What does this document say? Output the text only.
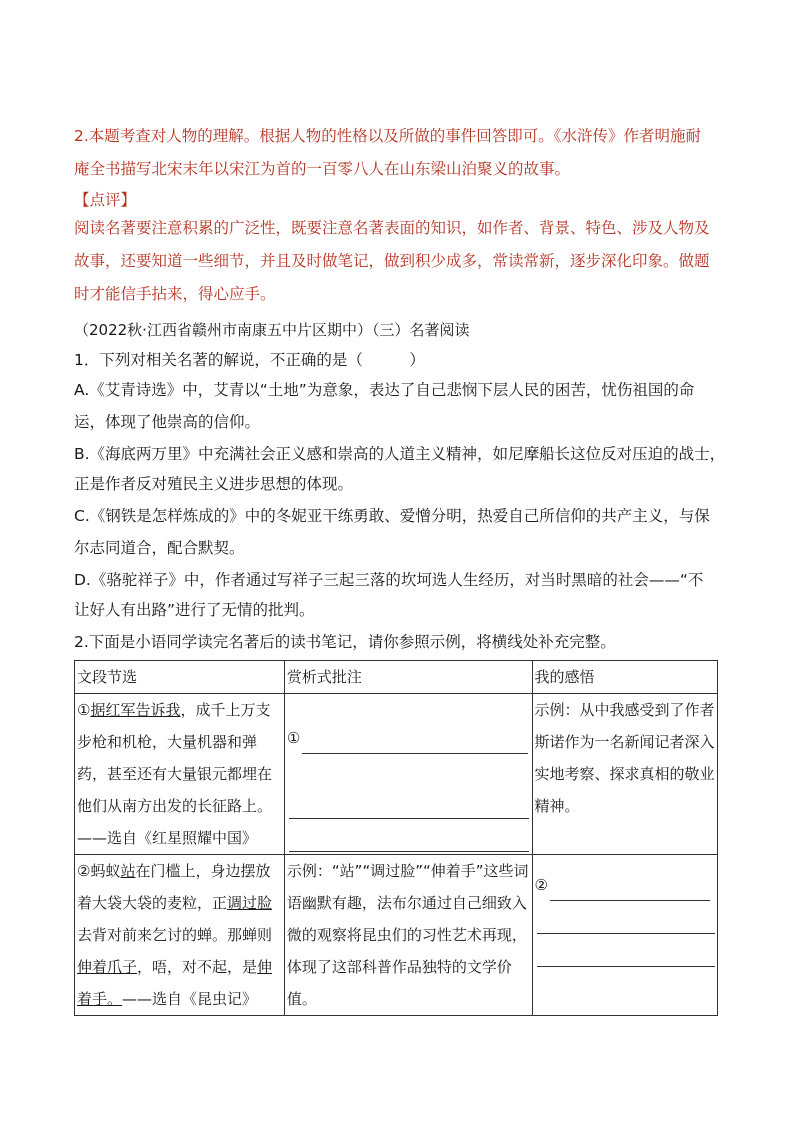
2.本题考查对人物的理解。根据人物的性格以及所做的事件回答即可。《水浒传》作者明施耐
庵全书描写北宋末年以宋江为首的一百零八人在山东梁山泊聚义的故事。
【点评】
阅读名著要注意积累的广泛性，既要注意名著表面的知识，如作者、背景、特色、涉及人物及
故事，还要知道一些细节，并且及时做笔记，做到积少成多，常读常新，逐步深化印象。做题
时才能信手拈来，得心应手。
（2022秋·江西省赣州市南康五中片区期中）（三）名著阅读
1．下列对相关名著的解说，不正确的是（　　　）
A.《艾青诗选》中，艾青以“土地”为意象，表达了自己悲悯下层人民的困苦，忧伤祖国的命
运，体现了他崇高的信仰。
B.《海底两万里》中充满社会正义感和崇高的人道主义精神，如尼摩船长这位反对压迫的战士，
正是作者反对殖民主义进步思想的体现。
C.《钢铁是怎样炼成的》中的冬妮亚干练勇敢、爱憎分明，热爱自己所信仰的共产主义，与保
尔志同道合，配合默契。
D.《骆驼祥子》中，作者通过写祥子三起三落的坎坷选人生经历，对当时黑暗的社会——“不
让好人有出路”进行了无情的批判。
2.下面是小语同学读完名著后的读书笔记，请你参照示例，将横线处补充完整。
文段节选	赏析式批注	我的感悟
①据红军告诉我，成千上万支步枪和机枪，大量机器和弹药，甚至还有大量银元都埋在他们从南方出发的长征路上。——选自《红星照耀中国》	①	示例：从中我感受到了作者斯诺作为一名新闻记者深入实地考察、探求真相的敬业精神。
②蚂蚁站在门槛上，身边摆放着大袋大袋的麦粒，正调过脸去背对前来乞讨的蝉。那蝉则伸着爪子，唔，对不起，是伸着手。——选自《昆虫记》	示例：“站”“调过脸”“伸着手”这些词语幽默有趣，法布尔通过自己细致入微的观察将昆虫们的习性艺术再现，体现了这部科普作品独特的文学价值。	②
